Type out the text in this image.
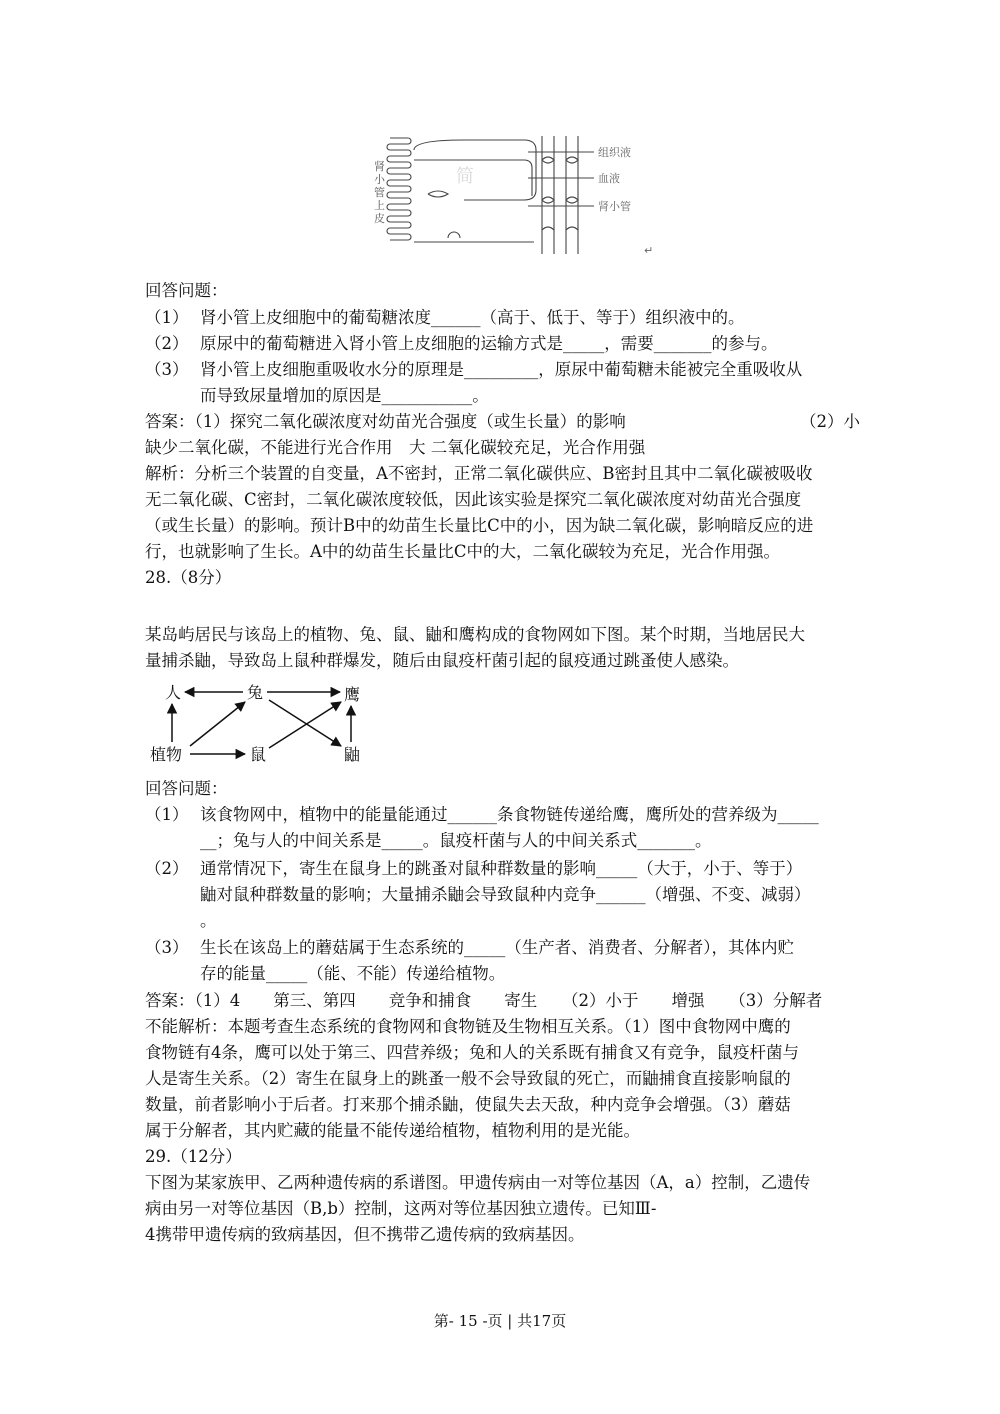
肾小管上皮
简
组织液
血液
肾小管
↵
回答问题：
（1） 肾小管上皮细胞中的葡萄糖浓度______（高于、低于、等于）组织液中的。
（2） 原尿中的葡萄糖进入肾小管上皮细胞的运输方式是_____，需要_______的参与。
（3） 肾小管上皮细胞重吸收水分的原理是_________，原尿中葡萄糖未能被完全重吸收从
而导致尿量增加的原因是___________。
答案：（1）探究二氧化碳浓度对幼苗光合强度（或生长量）的影响	（2）小
缺少二氧化碳，不能进行光合作用　大 二氧化碳较充足，光合作用强
解析：分析三个装置的自变量，A不密封，正常二氧化碳供应、B密封且其中二氧化碳被吸收
无二氧化碳、C密封，二氧化碳浓度较低，因此该实验是探究二氧化碳浓度对幼苗光合强度
（或生长量）的影响。预计B中的幼苗生长量比C中的小，因为缺二氧化碳，影响暗反应的进
行，也就影响了生长。A中的幼苗生长量比C中的大，二氧化碳较为充足，光合作用强。
28.（8分）
某岛屿居民与该岛上的植物、兔、鼠、鼬和鹰构成的食物网如下图。某个时期，当地居民大
量捕杀鼬，导致岛上鼠种群爆发，随后由鼠疫杆菌引起的鼠疫通过跳蚤使人感染。
人	兔	鹰
植物	鼠	鼬
回答问题：
（1） 该食物网中，植物中的能量能通过______条食物链传递给鹰，鹰所处的营养级为_____
__；兔与人的中间关系是_____。鼠疫杆菌与人的中间关系式_______。
（2） 通常情况下，寄生在鼠身上的跳蚤对鼠种群数量的影响_____（大于，小于、等于）
鼬对鼠种群数量的影响；大量捕杀鼬会导致鼠种内竞争______（增强、不变、减弱）
。
（3） 生长在该岛上的蘑菇属于生态系统的_____（生产者、消费者、分解者），其体内贮
存的能量_____（能、不能）传递给植物。
答案：（1）4　　第三、第四　　竞争和捕食　　寄生　　（2）小于　　增强　　（3）分解者
不能解析：本题考查生态系统的食物网和食物链及生物相互关系。（1）图中食物网中鹰的
食物链有4条，鹰可以处于第三、四营养级；兔和人的关系既有捕食又有竞争，鼠疫杆菌与
人是寄生关系。（2）寄生在鼠身上的跳蚤一般不会导致鼠的死亡，而鼬捕食直接影响鼠的
数量，前者影响小于后者。打来那个捕杀鼬，使鼠失去天敌，种内竞争会增强。（3）蘑菇
属于分解者，其内贮藏的能量不能传递给植物，植物利用的是光能。
29.（12分）
下图为某家族甲、乙两种遗传病的系谱图。甲遗传病由一对等位基因（A，a）控制，乙遗传
病由另一对等位基因（B,b）控制，这两对等位基因独立遗传。已知Ⅲ-
4携带甲遗传病的致病基因，但不携带乙遗传病的致病基因。
第- 15 -页 | 共17页
